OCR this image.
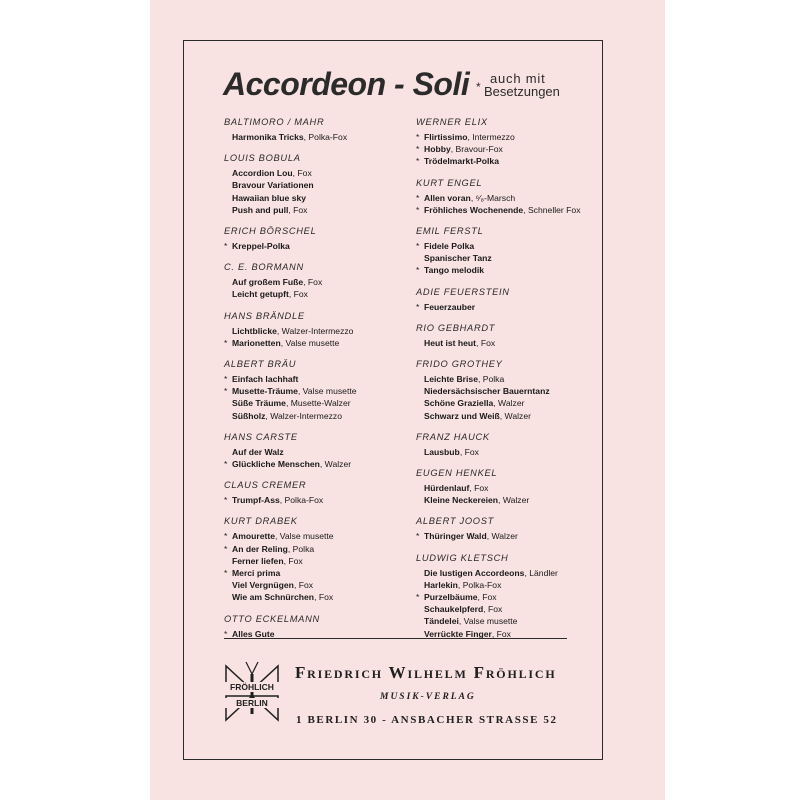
Accordeon - Soli *
auch mit
Besetzungen
BALTIMORO / MAHR
Harmonika Tricks, Polka-Fox
LOUIS BOBULA
Accordion Lou, Fox
Bravour Variationen
Hawaiian blue sky
Push and pull, Fox
ERICH BÖRSCHEL
* Kreppel-Polka
C. E. BORMANN
Auf großem Fuße, Fox
Leicht getupft, Fox
HANS BRÄNDLE
Lichtblicke, Walzer-Intermezzo
* Marionetten, Valse musette
ALBERT BRÄU
* Einfach lachhaft
* Musette-Träume, Valse musette
Süße Träume, Musette-Walzer
Süßholz, Walzer-Intermezzo
HANS CARSTE
Auf der Walz
* Glückliche Menschen, Walzer
CLAUS CREMER
* Trumpf-Ass, Polka-Fox
KURT DRABEK
* Amourette, Valse musette
* An der Reling, Polka
Ferner liefen, Fox
* Merci prima
Viel Vergnügen, Fox
Wie am Schnürchen, Fox
OTTO ECKELMANN
* Alles Gute
WERNER ELIX
* Flirtissimo, Intermezzo
* Hobby, Bravour-Fox
* Trödelmarkt-Polka
KURT ENGEL
* Allen voran, ⁶⁄₈-Marsch
* Fröhliches Wochenende, Schneller Fox
EMIL FERSTL
* Fidele Polka
Spanischer Tanz
* Tango melodik
ADIE FEUERSTEIN
* Feuerzauber
RIO GEBHARDT
Heut ist heut, Fox
FRIDO GROTHEY
Leichte Brise, Polka
Niedersächsischer Bauerntanz
Schöne Graziella, Walzer
Schwarz und Weiß, Walzer
FRANZ HAUCK
Lausbub, Fox
EUGEN HENKEL
Hürdenlauf, Fox
Kleine Neckereien, Walzer
ALBERT JOOST
* Thüringer Wald, Walzer
LUDWIG KLETSCH
Die lustigen Accordeons, Ländler
Harlekin, Polka-Fox
* Purzelbäume, Fox
Schaukelpferd, Fox
Tändelei, Valse musette
Verrückte Finger, Fox
FRÖHLICH
BERLIN
Friedrich Wilhelm Fröhlich
MUSIK-VERLAG
1 BERLIN 30 - ANSBACHER STRASSE 52
